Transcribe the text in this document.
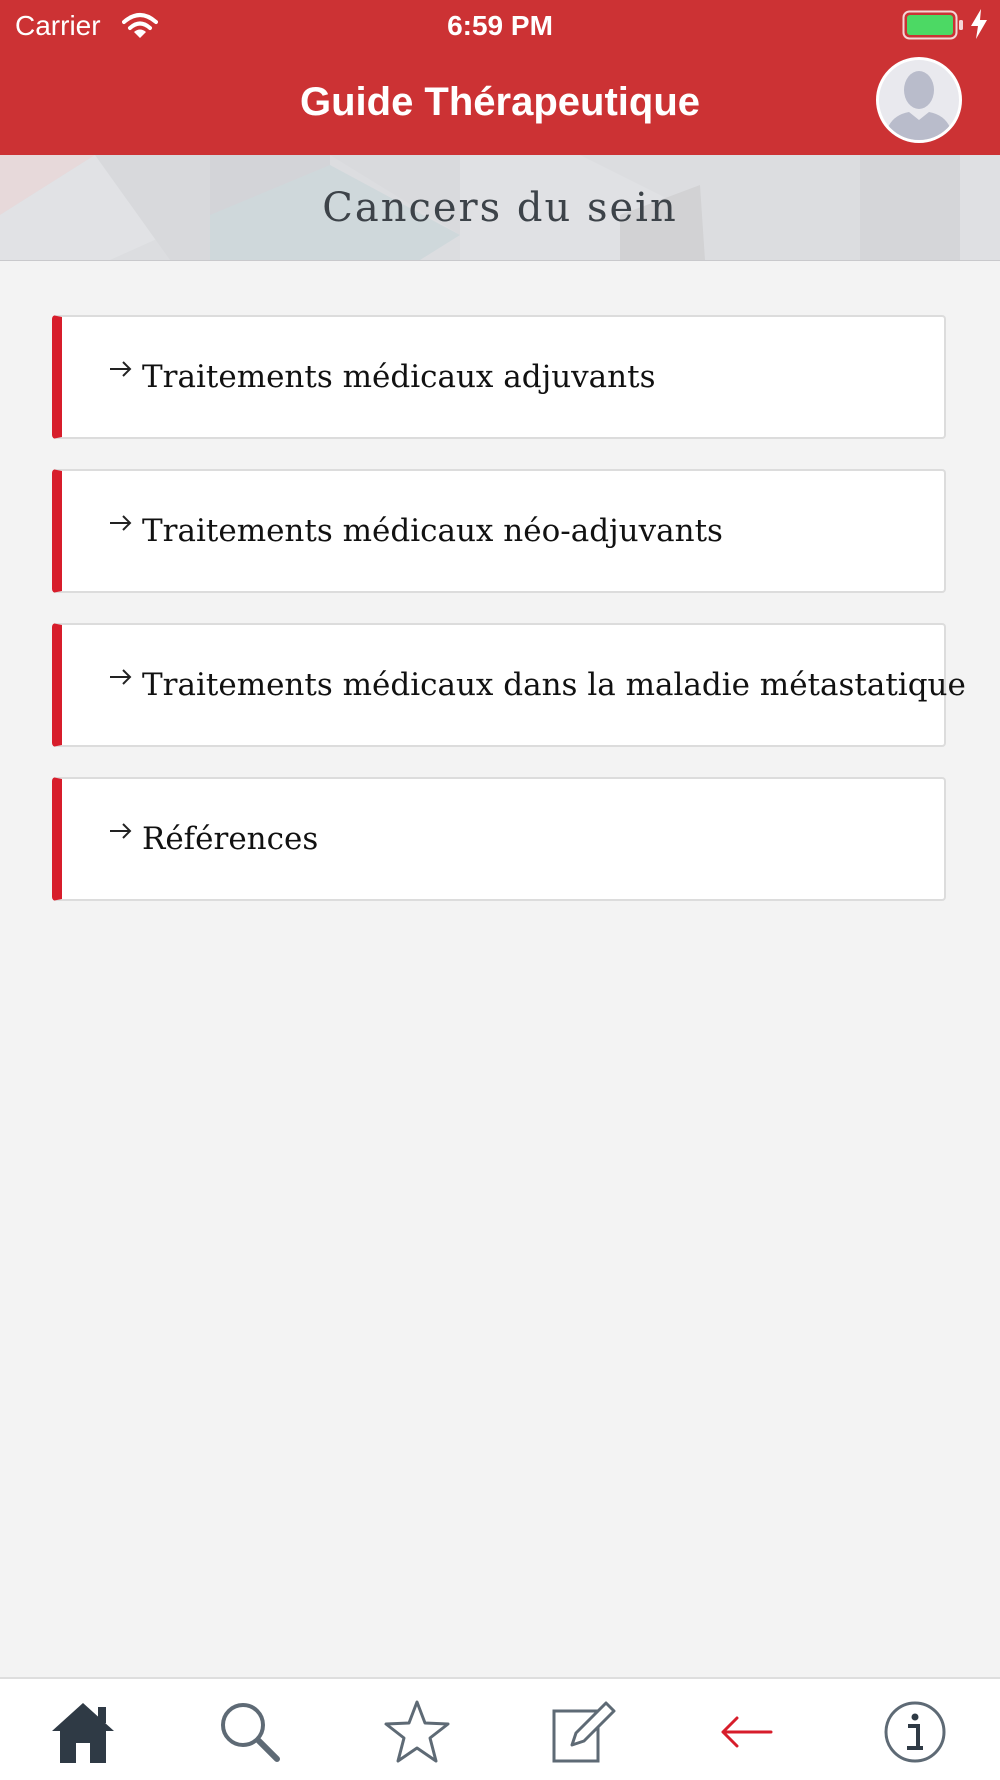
Carrier	6:59 PM
Guide Thérapeutique
Cancers du sein
Traitements médicaux adjuvants
Traitements médicaux néo-adjuvants
Traitements médicaux dans la maladie métastatique
Références
